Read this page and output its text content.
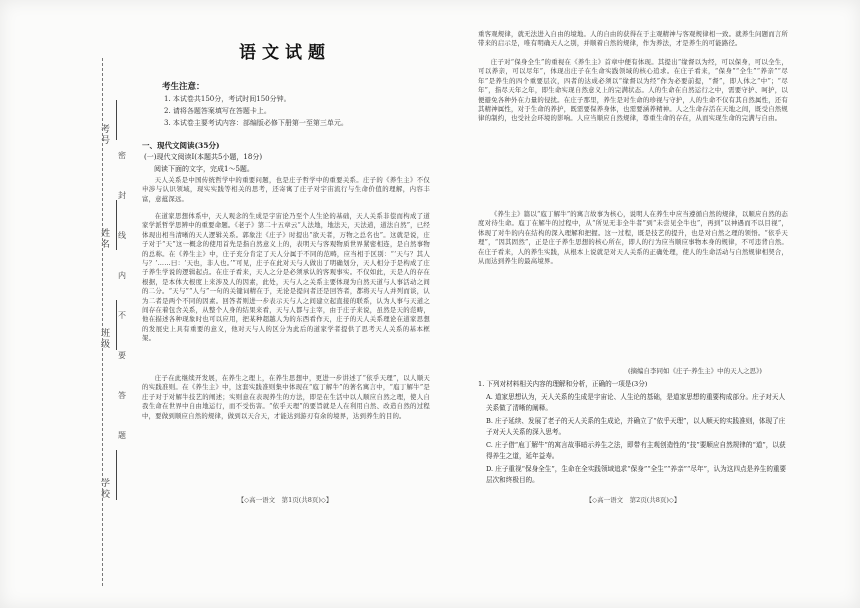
考号
姓名
班级
学校
密
封
线
内
不
要
答
题
语文试题
考生注意：
1. 本试卷共150分，考试时间150分钟。
2. 请将各题答案填写在答题卡上。
3. 本试卷主要考试内容：部编版必修下册第一至第三单元。
一、现代文阅读(35分)
(一)现代文阅读Ⅰ(本题共5小题，18分)
阅读下面的文字，完成1～5题。
天人关系是中国传统哲学中的重要问题，也是庄子哲学中的重要关系。庄子的《养生主》不仅申涉与认识领域，现实实践等相关的思考，还寄寓了庄子对宇宙流行与生命价值的理解，内容丰富，意蕴深远。
在道家思想体系中，天人观念的生成是宇宙论乃至个人生论的基础，天人关系非偿而构成了道家学派哲学思辨中的重要命题。《老子》第二十五章云“人法地，地法天，天法道，道法自然”，已经体现出相当清晰的天人逻辑关系。郭象注《庄子》时提出“欲天者，万物之总名也”。这就是说，庄子对于“天”这一概念的使用首先是指自然意义上的，表明天与客观物质世界紧密相连，是自然事物的总称。在《养生主》中，庄子充分肯定了天人分属于不同的范畴，应当相于区别：“‘天与？其人与？’……曰：‘天也，非人也。’”可见，庄子在此对天与人做出了明确划分，天人相分于是构成了庄子养生学说的逻辑起点。在庄子看来，天人之分是必须承认的客观事实。不仅如此，天是人的存在根据，是本体大根度上来涉及人的因素，此处，天与人之关系主要体现为自然天道与人事活动之间的二分。“天与”“人与”一句的关键词精在于，无论是提问者还是回答者，都将天与人并列而谈，认为二者是两个不同的因素。回答者则进一步表示天与人之间建立起直接的联系，认为人事与天道之间存在着包含关系，从整个人身的结果来看，天与人都与主宰，由于庄子来说，虽然是天的范畴，他在描述各种现象时也可以应用，把某种超越人为的东西看作天，庄子的天人关系理论在道家思想的发展史上具有重要的意义，他对天与人的区分为此后的道家学者提供了思考天人关系的基本框架。
庄子在此继续开发展，在养生之理上，在养生思想中，更进一步讲述了“依乎天理”，以人顺天的实践准则。在《养生主》中，这套实践准则集中体现在“庖丁解牛”的著名寓言中，“庖丁解牛”是庄子对于对解牛技艺的阐述；实则意在表现养生的方法，即是在生活中以人顺应自然之理，使人自我生命在世界中自由地运行，而不受伤害。“依乎天理”的要旨就是人在利用自然、改造自然的过程中，要做到顺应自然的规律，做到以天合天，才能达到游刃有余的境界，达到养生的目的。
【◇高一语文　第1页(共8页)◇】
重客观规律，就无法进入自由的境地。人的自由的获得在于主观精神与客观规律相一致。就养生问题而言所带来的启示是，唯有明确天人之别，并顺着自然的规律，作为养法，才是养生的可能路径。
庄子对“保身全生”的重视在《养生主》首章中便有体现。其提出“缘督以为经，可以保身，可以全生，可以养亲，可以尽年”，体现出庄子在生命实践领域的核心追求。在庄子看来，“保身”“全生”“养亲”“尽年”是养生的四个重要层次，四者的达成必须以“缘督以为经”作为必要前提，“督”，即人体之“中”；“尽年”，指尽天年之年，即生命实现自然意义上的完满状态。人的生命在自然运行之中，需要守护、呵护，以便避免各种外在力量的侵扰。在庄子那里，养生是对生命的珍视与守护，人的生命不仅有其自然属性，还有其精神属性，对于生命的养护，既需要保养身体，也需要涵养精神。人之生命存活在天地之间，既受自然规律的制约，也受社会环境的影响。人应当顺应自然规律，尊重生命的存在，从而实现生命的完满与自由。
《养生主》篇以“庖丁解牛”的寓言故事为核心，说明人在养生中应当遵循自然的规律，以顺应自然的态度对待生命。庖丁在解牛的过程中，从“所见无非全牛者”到“未尝见全牛也”，再到“以神遇而不以目视”，体现了对牛的内在结构的深入理解和把握。这一过程，既是技艺的提升，也是对自然之理的领悟。“依乎天理”，“因其固然”，正是庄子养生思想的核心所在，即人的行为应当顺应事物本身的规律，不可违背自然。在庄子看来，人的养生实践，从根本上说就是对天人关系的正确处理，使人的生命活动与自然规律相契合，从而达到养生的最高境界。
(摘编自李同如《庄子·养生主》中的天人之思》)
1. 下列对材料相关内容的理解和分析，正确的一项是(3分)
A. 道家思想认为，天人关系的生成是宇宙论、人生论的基础，是道家思想的重要构成部分。庄子对天人关系做了清晰的阐释。
B. 庄子延续、发展了老子的天人关系的生成论，并确立了“依乎天理”，以人顺天的实践准则，体现了庄子对天人关系的深入思考。
C. 庄子借“庖丁解牛”的寓言故事暗示养生之法，即带有主观创造性的“技”要顺应自然规律的“道”，以获得养生之道，延年益寿。
D. 庄子重视“保身全生”，生命在全实践领域追求“保身”“全生”“养亲”“尽年”，认为这四点是养生的重要层次和终极目的。
【◇高一语文　第2页(共8页)◇】
